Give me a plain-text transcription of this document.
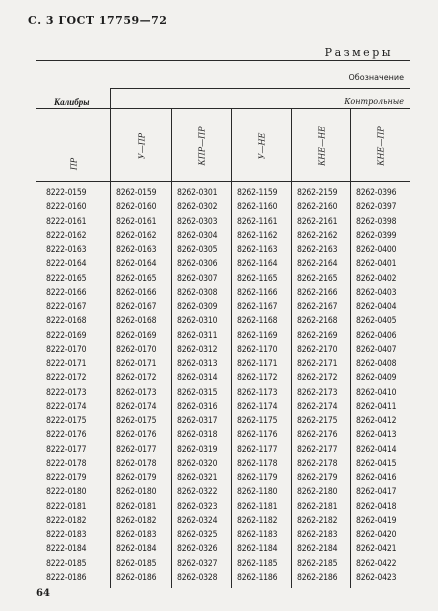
С. 3 ГОСТ 17759—72
Размеры
Обозначение
Калибры	Контрольные
ПР
У—ПР	КПР—ПР	У—НЕ	КНЕ—НЕ	КНЕ—ПР
8222-0159	8262-0159 8262-0301 8262-1159 8262-2159 8262-0396
8222-0160	8262-0160 8262-0302 8262-1160 8262-2160 8262-0397
8222-0161	8262-0161 8262-0303 8262-1161 8262-2161 8262-0398
8222-0162	8262-0162 8262-0304 8262-1162 8262-2162 8262-0399
8222-0163	8262-0163 8262-0305 8262-1163 8262-2163 8262-0400
8222-0164	8262-0164 8262-0306 8262-1164 8262-2164 8262-0401
8222-0165	8262-0165 8262-0307 8262-1165 8262-2165 8262-0402
8222-0166	8262-0166 8262-0308 8262-1166 8262-2166 8262-0403
8222-0167	8262-0167 8262-0309 8262-1167 8262-2167 8262-0404
8222-0168	8262-0168 8262-0310 8262-1168 8262-2168 8262-0405
8222-0169	8262-0169 8262-0311 8262-1169 8262-2169 8262-0406
8222-0170	8262-0170 8262-0312 8262-1170 8262-2170 8262-0407
8222-0171	8262-0171 8262-0313 8262-1171 8262-2171 8262-0408
8222-0172	8262-0172 8262-0314 8262-1172 8262-2172 8262-0409
8222-0173	8262-0173 8262-0315 8262-1173 8262-2173 8262-0410
8222-0174	8262-0174 8262-0316 8262-1174 8262-2174 8262-0411
8222-0175	8262-0175 8262-0317 8262-1175 8262-2175 8262-0412
8222-0176	8262-0176 8262-0318 8262-1176 8262-2176 8262-0413
8222-0177	8262-0177 8262-0319 8262-1177 8262-2177 8262-0414
8222-0178	8262-0178 8262-0320 8262-1178 8262-2178 8262-0415
8222-0179	8262-0179 8262-0321 8262-1179 8262-2179 8262-0416
8222-0180	8262-0180 8262-0322 8262-1180 8262-2180 8262-0417
8222-0181	8262-0181 8262-0323 8262-1181 8262-2181 8262-0418
8222-0182	8262-0182 8262-0324 8262-1182 8262-2182 8262-0419
8222-0183	8262-0183 8262-0325 8262-1183 8262-2183 8262-0420
8222-0184	8262-0184 8262-0326 8262-1184 8262-2184 8262-0421
8222-0185	8262-0185 8262-0327 8262-1185 8262-2185 8262-0422
8222-0186	8262-0186 8262-0328 8262-1186 8262-2186 8262-0423
64
